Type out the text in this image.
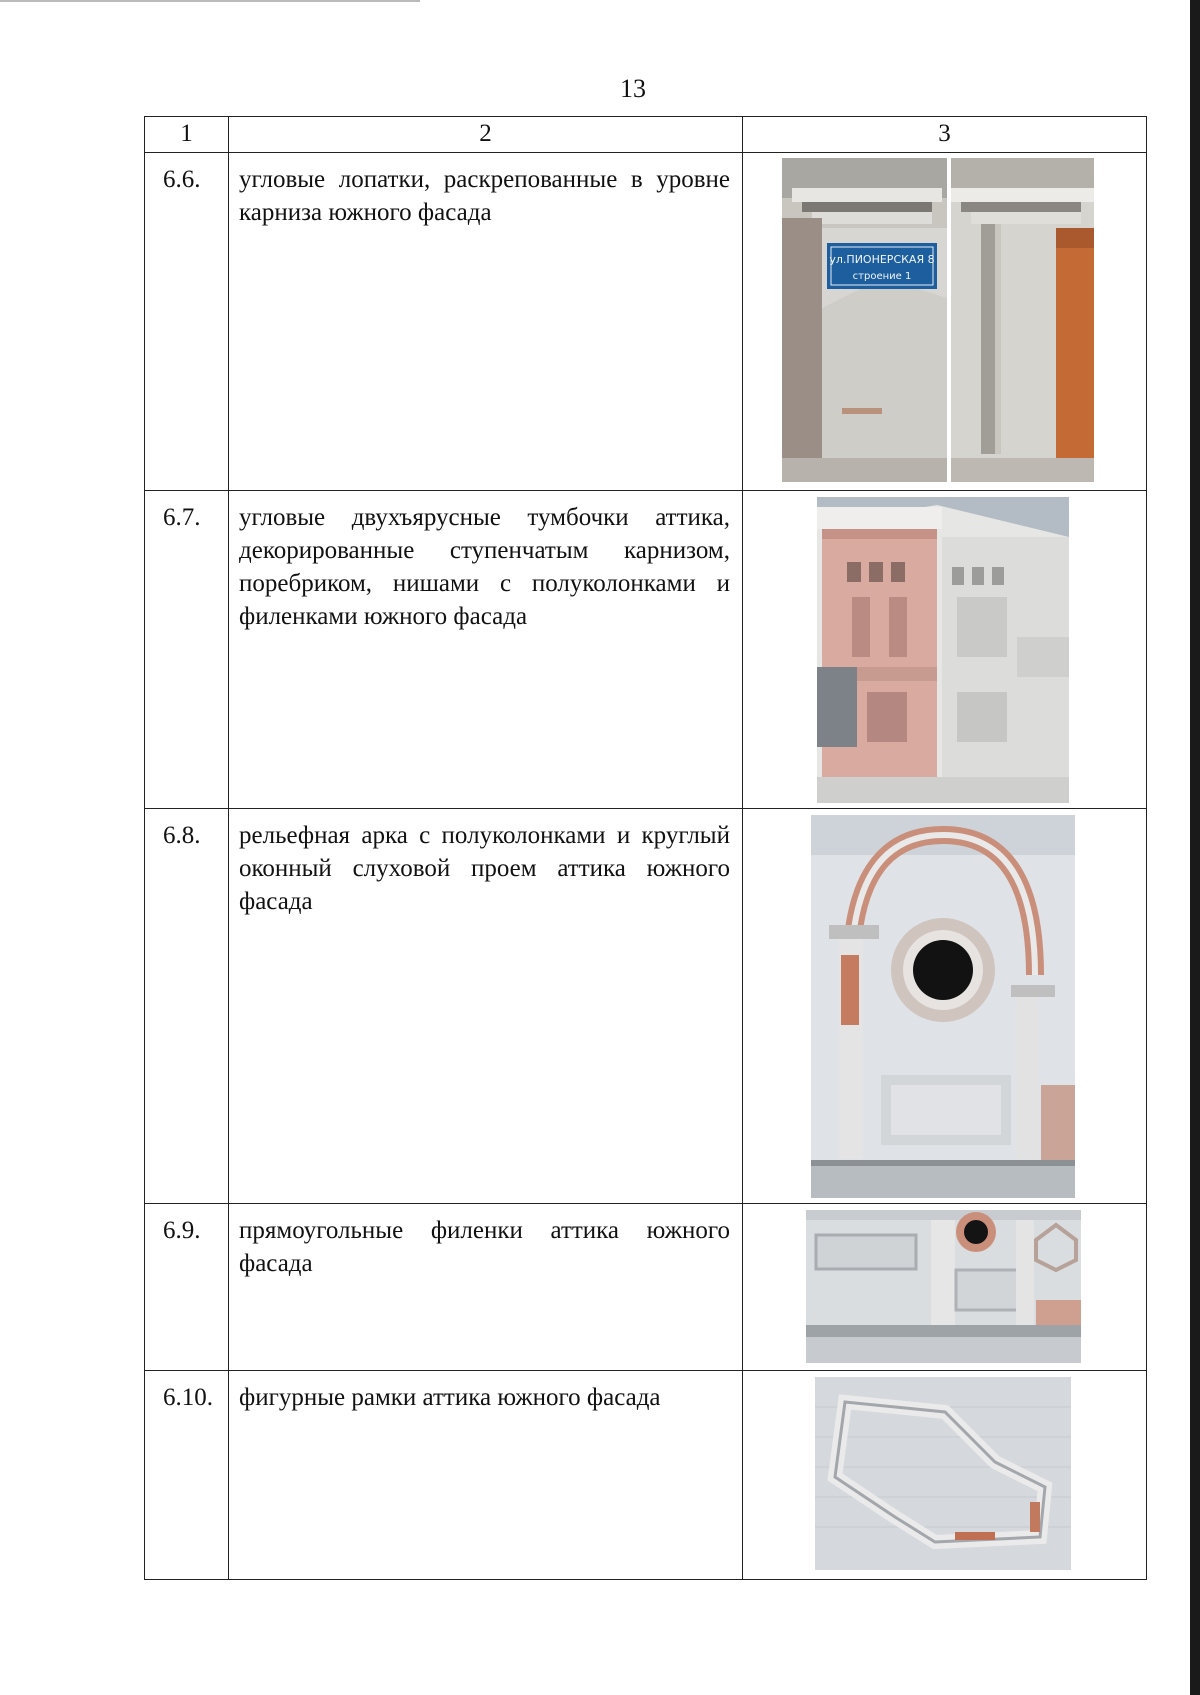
13
1	2	3
6.6.	угловые лопатки, раскрепованные в уровне карниза южного фасада	ул.ПИОНЕРСКАЯ 8
строение 1

6.7.	угловые двухъярусные тумбочки аттика, декорированные ступенчатым карнизом, поребриком, нишами с полуколонками и филенками южного фасада	

6.8.	рельефная арка с полуколонками и круглый оконный слуховой проем аттика южного фасада	

6.9.	прямоугольные филенки аттика южного фасада	

6.10.	фигурные рамки аттика южного фасада	
